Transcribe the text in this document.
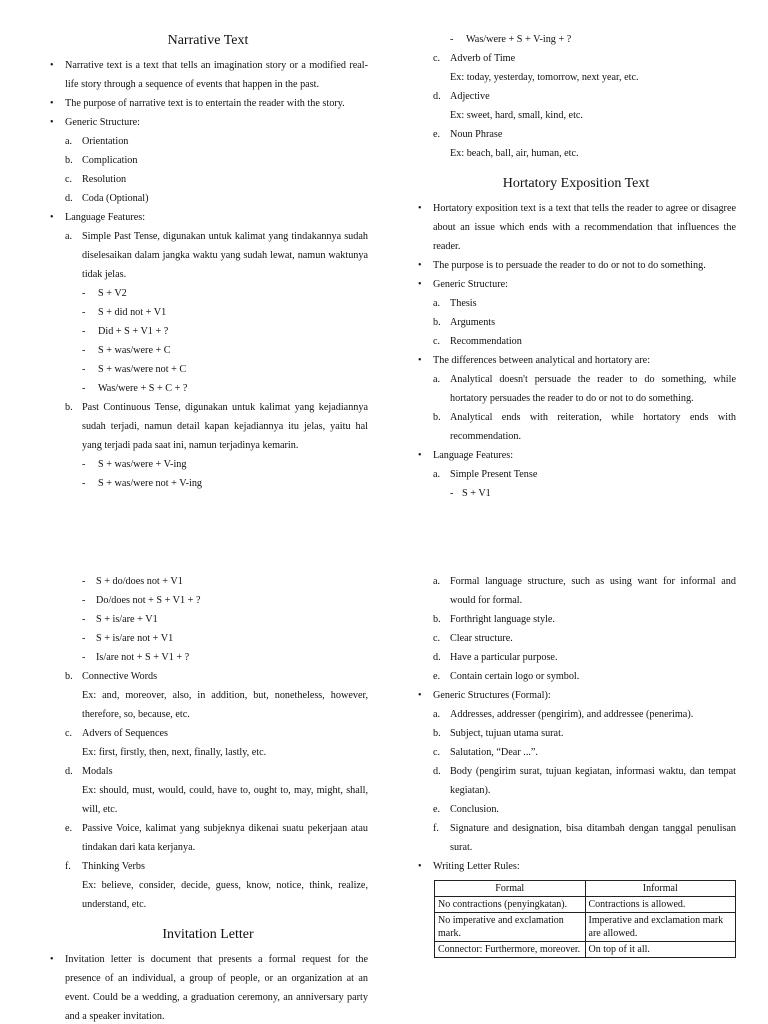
Narrative Text
• Narrative text is a text that tells an imagination story or a modified real-life story through a sequence of events that happen in the past.
• The purpose of narrative text is to entertain the reader with the story.
• Generic Structure:
a. Orientation
b. Complication
c. Resolution
d. Coda (Optional)
• Language Features:
a. Simple Past Tense, digunakan untuk kalimat yang tindakannya sudah diselesaikan dalam jangka waktu yang sudah lewat, namun waktunya tidak jelas.
- S + V2
- S + did not + V1
- Did + S + V1 + ?
- S + was/were + C
- S + was/were not + C
- Was/were + S + C + ?
b. Past Continuous Tense, digunakan untuk kalimat yang kejadiannya sudah terjadi, namun detail kapan kejadiannya itu jelas, yaitu hal yang terjadi pada saat ini, namun terjadinya kemarin.
- S + was/were + V-ing
- S + was/were not + V-ing
- Was/were + S + V-ing + ?
c. Adverb of Time
Ex: today, yesterday, tomorrow, next year, etc.
d. Adjective
Ex: sweet, hard, small, kind, etc.
e. Noun Phrase
Ex: beach, ball, air, human, etc.
Hortatory Exposition Text
• Hortatory exposition text is a text that tells the reader to agree or disagree about an issue which ends with a recommendation that influences the reader.
• The purpose is to persuade the reader to do or not to do something.
• Generic Structure:
a. Thesis
b. Arguments
c. Recommendation
• The differences between analytical and hortatory are:
a. Analytical doesn't persuade the reader to do something, while hortatory persuades the reader to do or not to do something.
b. Analytical ends with reiteration, while hortatory ends with recommendation.
• Language Features:
a. Simple Present Tense
- S + V1
- S + do/does not + V1
- Do/does not + S + V1 + ?
- S + is/are + V1
- S + is/are not + V1
- Is/are not + S + V1 + ?
b. Connective Words
Ex: and, moreover, also, in addition, but, nonetheless, however, therefore, so, because, etc.
c. Advers of Sequences
Ex: first, firstly, then, next, finally, lastly, etc.
d. Modals
Ex: should, must, would, could, have to, ought to, may, might, shall, will, etc.
e. Passive Voice, kalimat yang subjeknya dikenai suatu pekerjaan atau tindakan dari kata kerjanya.
f. Thinking Verbs
Ex: believe, consider, decide, guess, know, notice, think, realize, understand, etc.
Invitation Letter
• Invitation letter is document that presents a formal request for the presence of an individual, a group of people, or an organization at an event. Could be a wedding, a graduation ceremony, an anniversary party and a speaker invitation.
a. Formal language structure, such as using want for informal and would for formal.
b. Forthright language style.
c. Clear structure.
d. Have a particular purpose.
e. Contain certain logo or symbol.
• Generic Structures (Formal):
a. Addresses, addresser (pengirim), and addressee (penerima).
b. Subject, tujuan utama surat.
c. Salutation, “Dear ...”.
d. Body (pengirim surat, tujuan kegiatan, informasi waktu, dan tempat kegiatan).
e. Conclusion.
f. Signature and designation, bisa ditambah dengan tanggal penulisan surat.
• Writing Letter Rules:
Formal	Informal
No contractions (penyingkatan).	Contractions is allowed.
No imperative and exclamation mark.	Imperative and exclamation mark are allowed.
Connector: Furthermore, moreover.	On top of it all.
